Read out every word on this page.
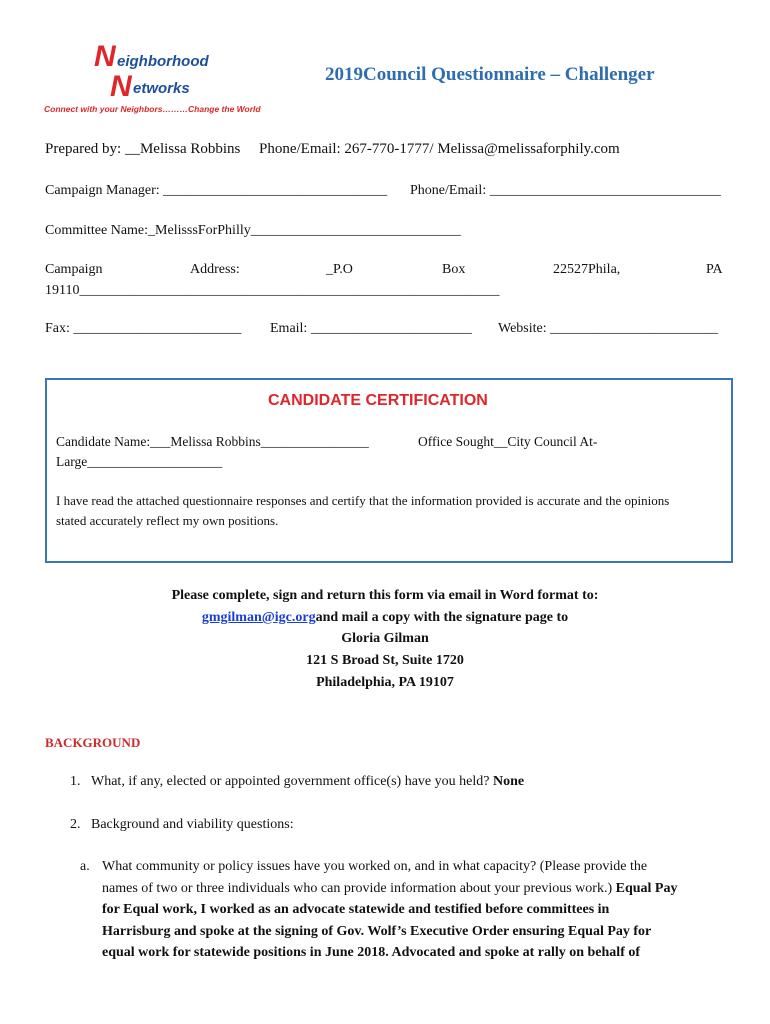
N eighborhood
N etworks
Connect with your Neighbors………Change the World
2019Council Questionnaire – Challenger
Prepared by: __Melissa Robbins Phone/Email: 267-770-1777/ Melissa@melissaforphily.com
Campaign Manager: ________________________________ Phone/Email: _________________________________
Committee Name:_MelisssForPhilly______________________________
Campaign	Address:	_P.O	Box	22527Phila,	PA
19110____________________________________________________________
Fax: ________________________ Email: _______________________ Website: ________________________
CANDIDATE CERTIFICATION
Candidate Name:___Melissa Robbins________________	Office Sought__City Council At-
Large____________________
I have read the attached questionnaire responses and certify that the information provided is accurate and the opinions
stated accurately reflect my own positions.
Please complete, sign and return this form via email in Word format to:
gmgilman@igc.organd mail a copy with the signature page to
Gloria Gilman
121 S Broad St, Suite 1720
Philadelphia, PA 19107
BACKGROUND
1. What, if any, elected or appointed government office(s) have you held? None
2. Background and viability questions:
a. What community or policy issues have you worked on, and in what capacity? (Please provide the
names of two or three individuals who can provide information about your previous work.) Equal Pay
for Equal work, I worked as an advocate statewide and testified before committees in
Harrisburg and spoke at the signing of Gov. Wolf’s Executive Order ensuring Equal Pay for
equal work for statewide positions in June 2018. Advocated and spoke at rally on behalf of
